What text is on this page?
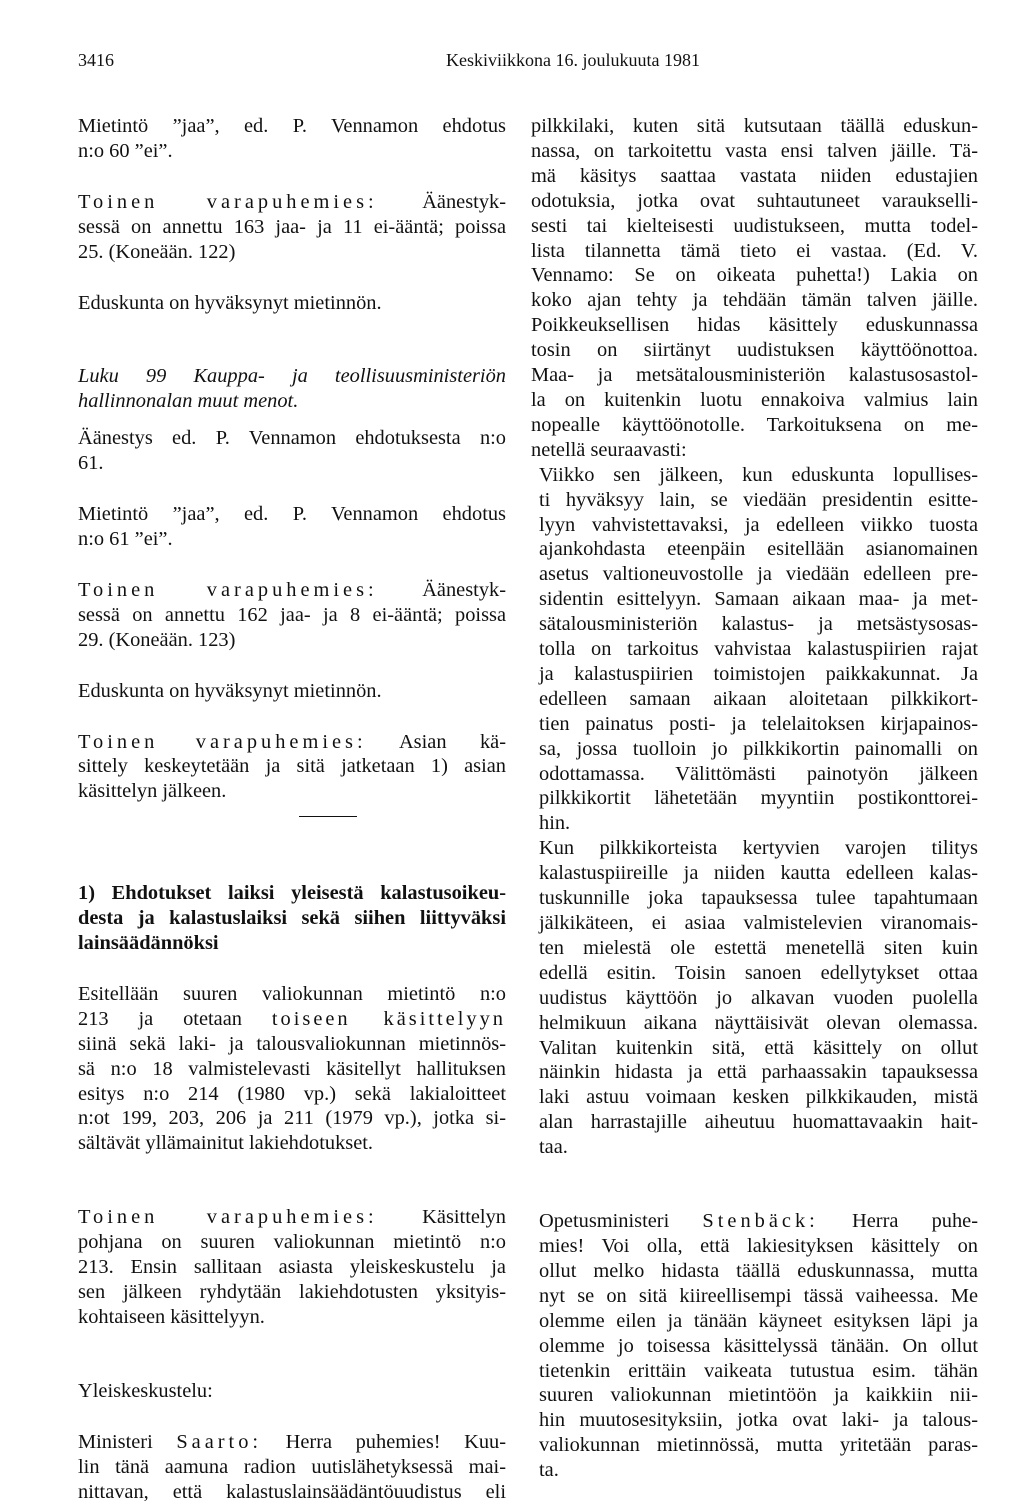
3416	Keskiviikkona 16. joulukuuta 1981
Mietintö ”jaa”, ed. P. Vennamon ehdotus
n:o 60 ”ei”.
Toinen varapuhemies: Äänestyk-
sessä on annettu 163 jaa- ja 11 ei-ääntä; poissa
25. (Koneään. 122)
Eduskunta on hyväksynyt mietinnön.
Luku 99 Kauppa- ja teollisuusministeriön
hallinnonalan muut menot.
Äänestys ed. P. Vennamon ehdotuksesta n:o
61.
Mietintö ”jaa”, ed. P. Vennamon ehdotus
n:o 61 ”ei”.
Toinen varapuhemies: Äänestyk-
sessä on annettu 162 jaa- ja 8 ei-ääntä; poissa
29. (Koneään. 123)
Eduskunta on hyväksynyt mietinnön.
Toinen varapuhemies: Asian kä-
sittely keskeytetään ja sitä jatketaan 1) asian
käsittelyn jälkeen.
1) Ehdotukset laiksi yleisestä kalastusoikeu-
desta ja kalastuslaiksi sekä siihen liittyväksi
lainsäädännöksi
Esitellään suuren valiokunnan mietintö n:o
213 ja otetaan toiseen käsittelyyn
siinä sekä laki- ja talousvaliokunnan mietinnös-
sä n:o 18 valmistelevasti käsitellyt hallituksen
esitys n:o 214 (1980 vp.) sekä lakialoitteet
n:ot 199, 203, 206 ja 211 (1979 vp.), jotka si-
sältävät yllämainitut lakiehdotukset.
Toinen varapuhemies: Käsittelyn
pohjana on suuren valiokunnan mietintö n:o
213. Ensin sallitaan asiasta yleiskeskustelu ja
sen jälkeen ryhdytään lakiehdotusten yksityis-
kohtaiseen käsittelyyn.
Yleiskeskustelu:
Ministeri Saarto: Herra puhemies! Kuu-
lin tänä aamuna radion uutislähetyksessä mai-
nittavan, että kalastuslainsäädäntöuudistus eli
pilkkilaki, kuten sitä kutsutaan täällä eduskun-
nassa, on tarkoitettu vasta ensi talven jäille. Tä-
mä käsitys saattaa vastata niiden edustajien
odotuksia, jotka ovat suhtautuneet varaukselli-
sesti tai kielteisesti uudistukseen, mutta todel-
lista tilannetta tämä tieto ei vastaa. (Ed. V.
Vennamo: Se on oikeata puhetta!) Lakia on
koko ajan tehty ja tehdään tämän talven jäille.
Poikkeuksellisen hidas käsittely eduskunnassa
tosin on siirtänyt uudistuksen käyttöönottoa.
Maa- ja metsätalousministeriön kalastusosastol-
la on kuitenkin luotu ennakoiva valmius lain
nopealle käyttöönotolle. Tarkoituksena on me-
netellä seuraavasti:
Viikko sen jälkeen, kun eduskunta lopullises-
ti hyväksyy lain, se viedään presidentin esitte-
lyyn vahvistettavaksi, ja edelleen viikko tuosta
ajankohdasta eteenpäin esitellään asianomainen
asetus valtioneuvostolle ja viedään edelleen pre-
sidentin esittelyyn. Samaan aikaan maa- ja met-
sätalousministeriön kalastus- ja metsästysosas-
tolla on tarkoitus vahvistaa kalastuspiirien rajat
ja kalastuspiirien toimistojen paikkakunnat. Ja
edelleen samaan aikaan aloitetaan pilkkikort-
tien painatus posti- ja telelaitoksen kirjapainos-
sa, jossa tuolloin jo pilkkikortin painomalli on
odottamassa. Välittömästi painotyön jälkeen
pilkkikortit lähetetään myyntiin postikonttorei-
hin.
Kun pilkkikorteista kertyvien varojen tilitys
kalastuspiireille ja niiden kautta edelleen kalas-
tuskunnille joka tapauksessa tulee tapahtumaan
jälkikäteen, ei asiaa valmistelevien viranomais-
ten mielestä ole estettä menetellä siten kuin
edellä esitin. Toisin sanoen edellytykset ottaa
uudistus käyttöön jo alkavan vuoden puolella
helmikuun aikana näyttäisivät olevan olemassa.
Valitan kuitenkin sitä, että käsittely on ollut
näinkin hidasta ja että parhaassakin tapauksessa
laki astuu voimaan kesken pilkkikauden, mistä
alan harrastajille aiheutuu huomattavaakin hait-
taa.
Opetusministeri Stenbäck: Herra puhe-
mies! Voi olla, että lakiesityksen käsittely on
ollut melko hidasta täällä eduskunnassa, mutta
nyt se on sitä kiireellisempi tässä vaiheessa. Me
olemme eilen ja tänään käyneet esityksen läpi ja
olemme jo toisessa käsittelyssä tänään. On ollut
tietenkin erittäin vaikeata tutustua esim. tähän
suuren valiokunnan mietintöön ja kaikkiin nii-
hin muutosesityksiin, jotka ovat laki- ja talous-
valiokunnan mietinnössä, mutta yritetään paras-
ta.
